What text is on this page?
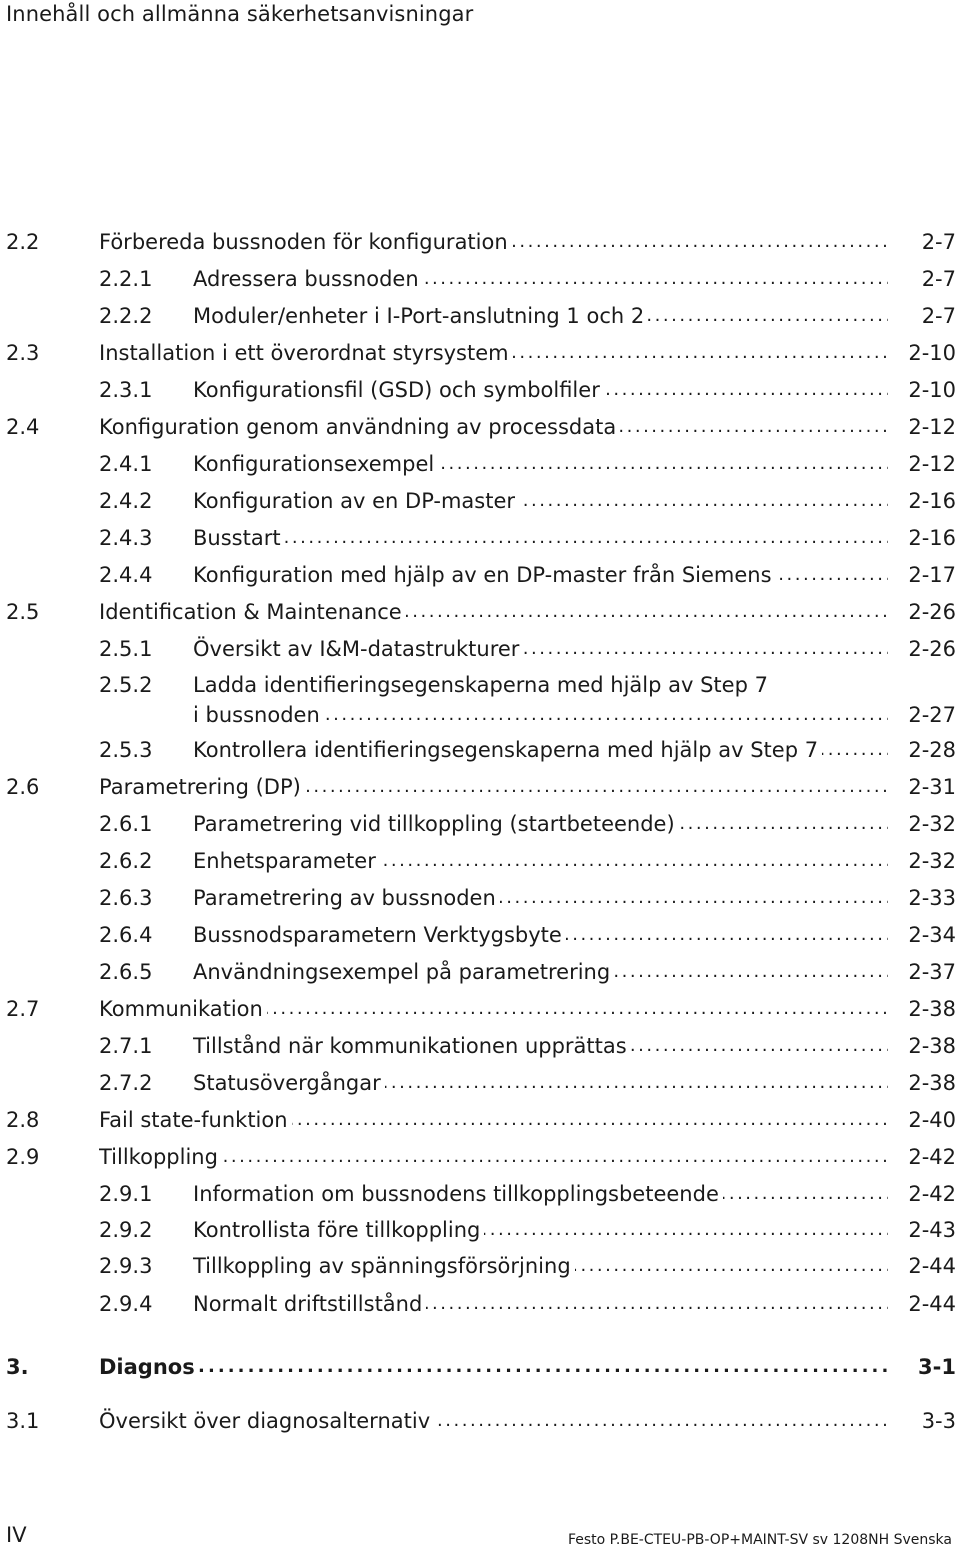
Innehåll och allmänna säkerhetsanvisningar
2.2	Förbereda bussnoden för konfiguration . . .	2-7
2.2.1 Adressera bussnoden . . .	2-7
2.2.2 Moduler/enheter i I-Port-anslutning 1 och 2 . . .	2-7
2.3	Installation i ett överordnat styrsystem . . .	2-10
2.3.1 Konfigurationsfil (GSD) och symbolfiler . . .	2-10
2.4	Konfiguration genom användning av processdata . . .	2-12
2.4.1 Konfigurationsexempel . . .	2-12
2.4.2 Konfiguration av en DP-master . . .	2-16
2.4.3 Busstart . . .	2-16
2.4.4 Konfiguration med hjälp av en DP-master från Siemens . . .	2-17
2.5	Identification & Maintenance . . .	2-26
2.5.1 Översikt av I&M-datastrukturer . . .	2-26
2.5.2 Ladda identifieringsegenskaperna med hjälp av Step 7
i bussnoden . . .	2-27
2.5.3 Kontrollera identifieringsegenskaperna med hjälp av Step 7 . . .	2-28
2.6	Parametrering (DP) . . .	2-31
2.6.1 Parametrering vid tillkoppling (startbeteende) . . .	2-32
2.6.2 Enhetsparameter . . .	2-32
2.6.3 Parametrering av bussnoden . . .	2-33
2.6.4 Bussnodsparametern Verktygsbyte . . .	2-34
2.6.5 Användningsexempel på parametrering . . .	2-37
2.7	Kommunikation . . .	2-38
2.7.1 Tillstånd när kommunikationen upprättas . . .	2-38
2.7.2 Statusövergångar . . .	2-38
2.8	Fail state-funktion . . .	2-40
2.9	Tillkoppling . . .	2-42
2.9.1 Information om bussnodens tillkopplingsbeteende . . .	2-42
2.9.2 Kontrollista före tillkoppling . . .	2-43
2.9.3 Tillkoppling av spänningsförsörjning . . .	2-44
2.9.4 Normalt driftstillstånd . . .	2-44
3.	Diagnos . . .	3-1
3.1	Översikt över diagnosalternativ . . .	3-3
IV	Festo P.BE-CTEU-PB-OP+MAINT-SV sv 1208NH Svenska
